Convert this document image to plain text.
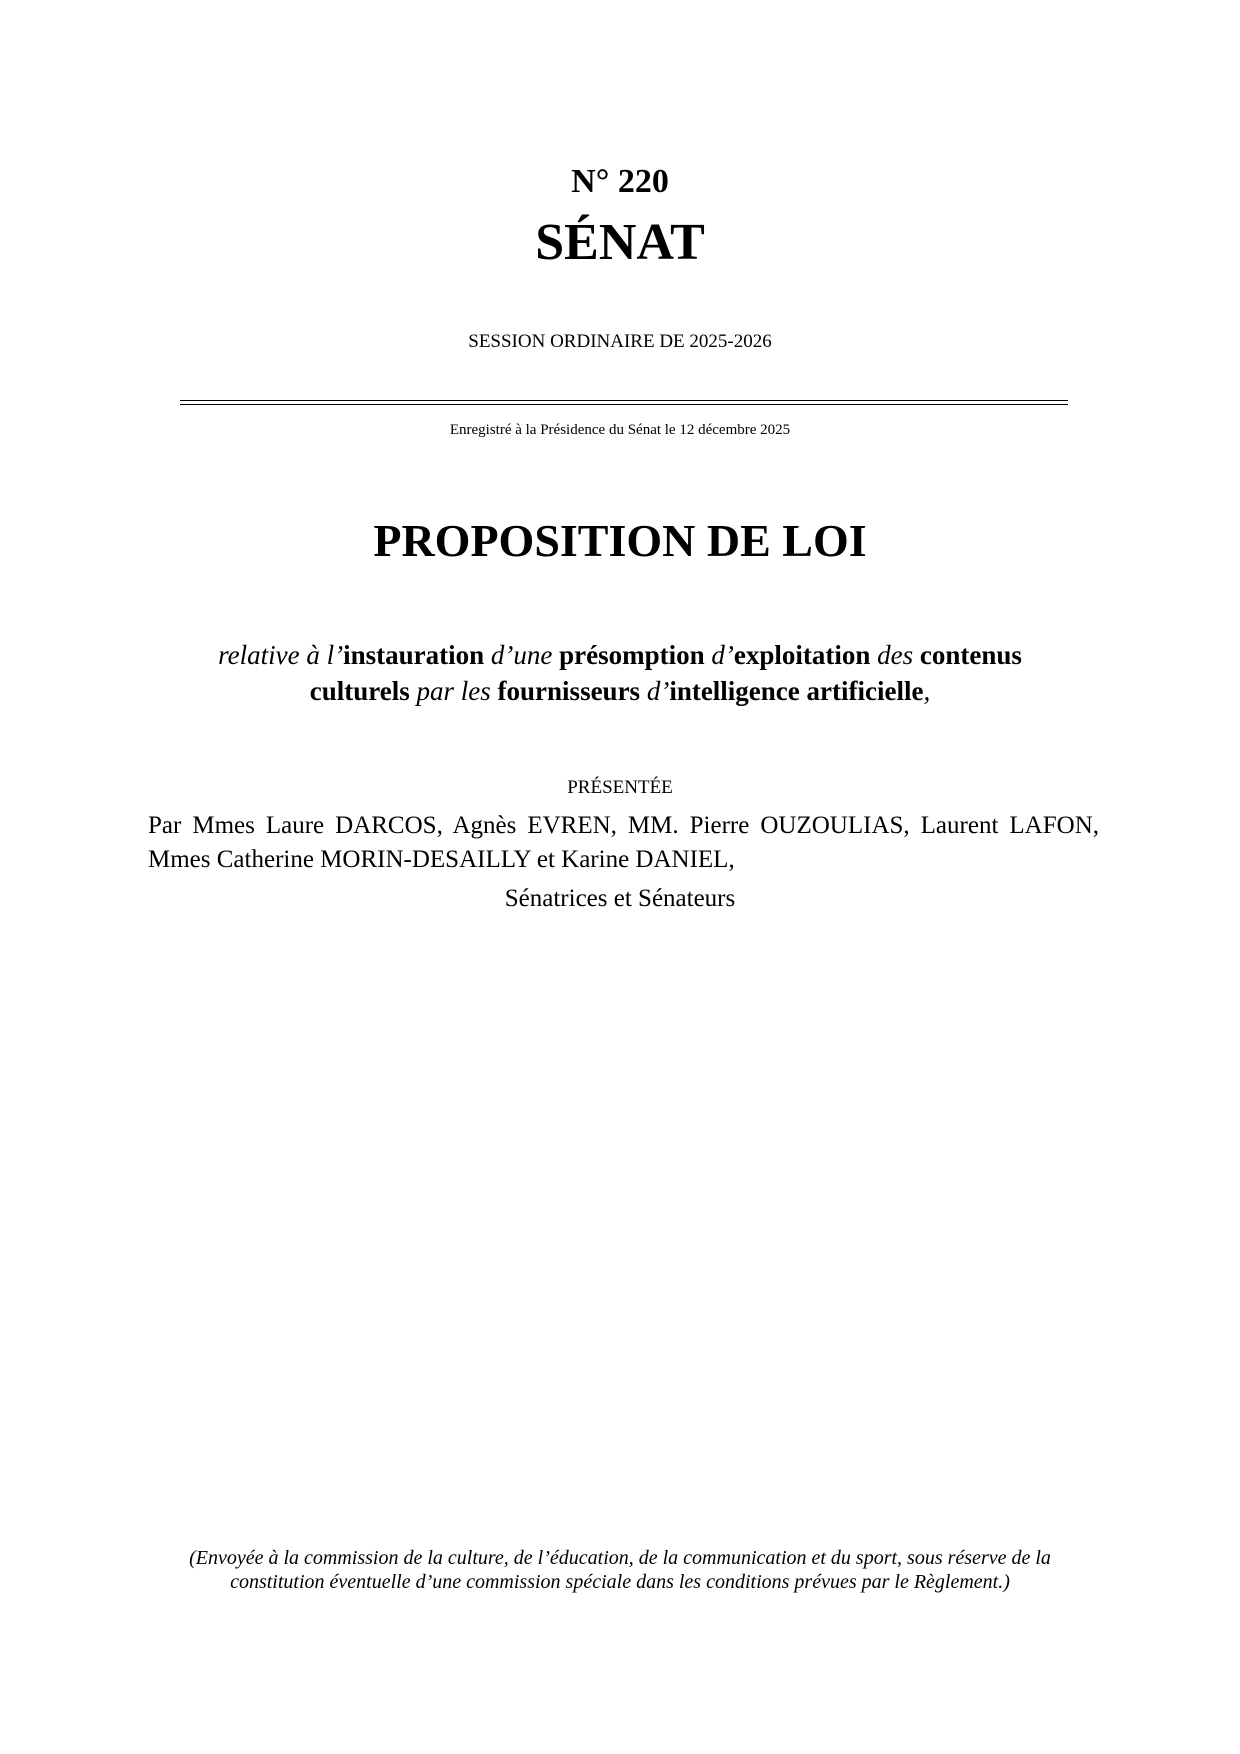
N° 220
SÉNAT
SESSION ORDINAIRE DE 2025-2026
Enregistré à la Présidence du Sénat le 12 décembre 2025
PROPOSITION DE LOI
relative à l’instauration d’une présomption d’exploitation des contenus culturels par les fournisseurs d’intelligence artificielle,
PRÉSENTÉE
Par Mmes Laure DARCOS, Agnès EVREN, MM. Pierre OUZOULIAS, Laurent LAFON,
Mmes Catherine MORIN-DESAILLY et Karine DANIEL,
Sénatrices et Sénateurs
(Envoyée à la commission de la culture, de l’éducation, de la communication et du sport, sous réserve de la
constitution éventuelle d’une commission spéciale dans les conditions prévues par le Règlement.)
